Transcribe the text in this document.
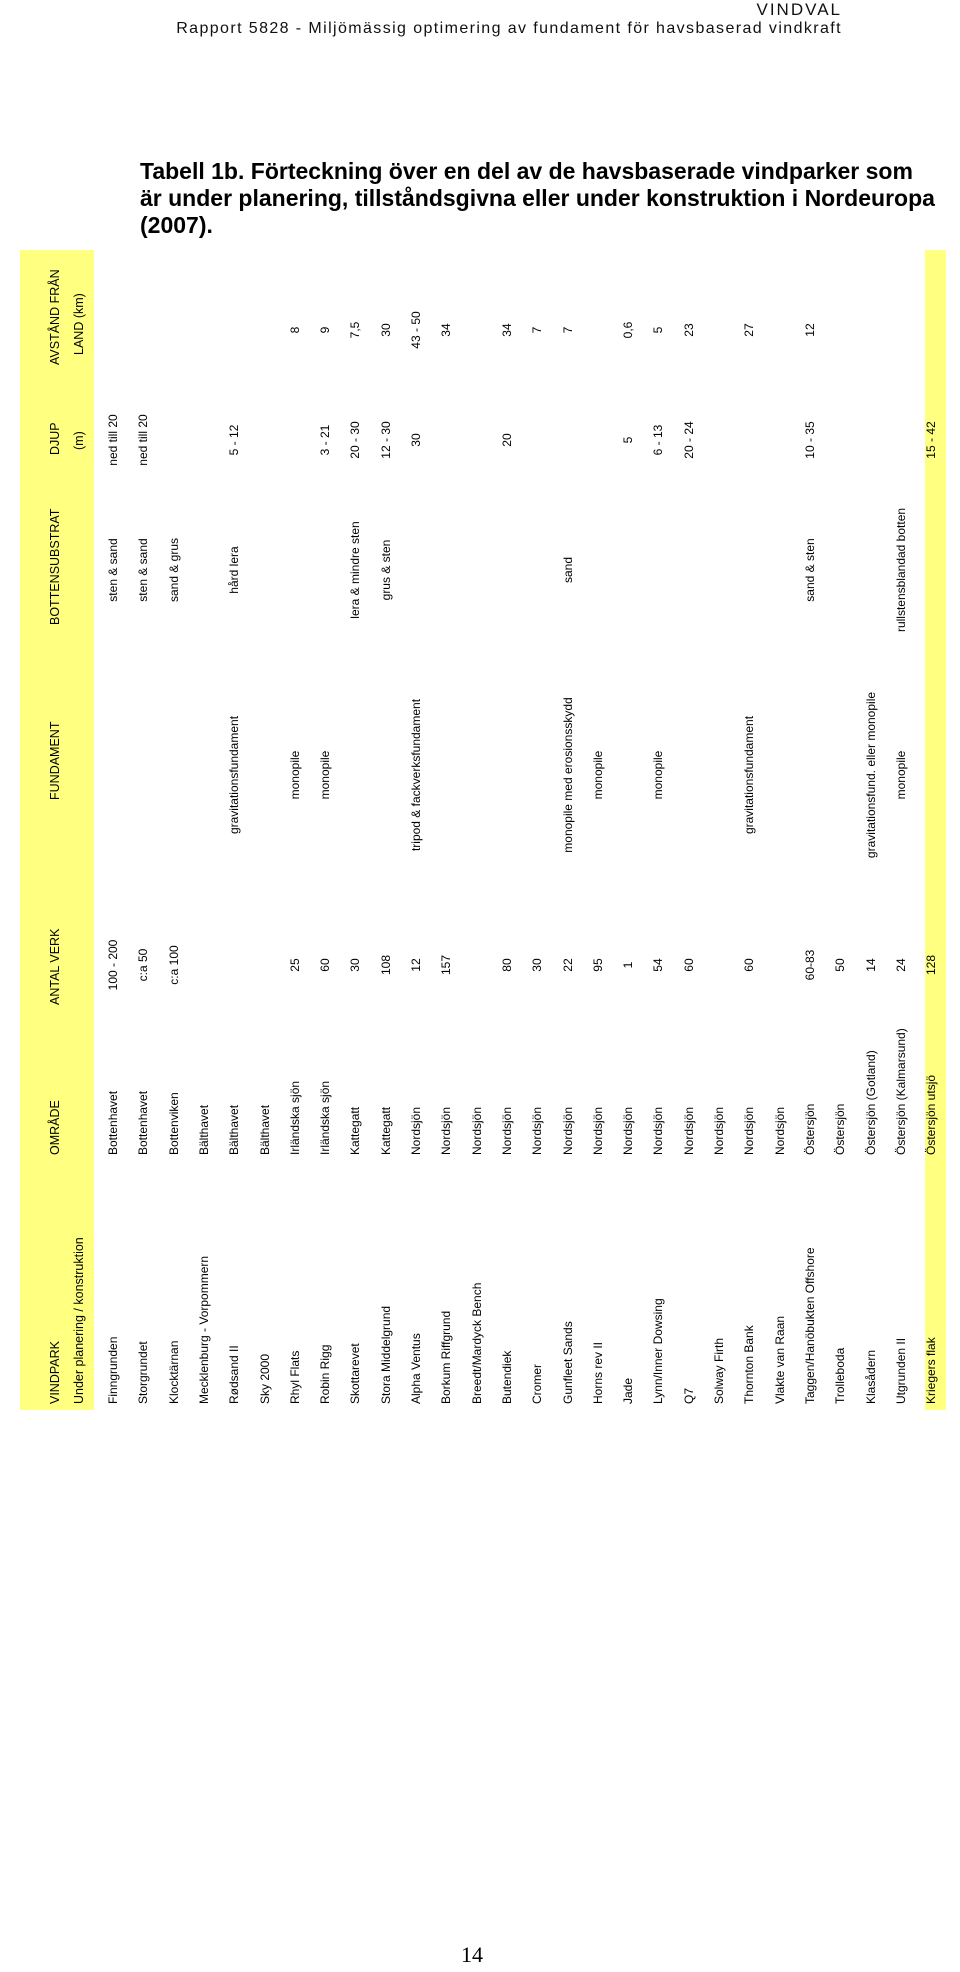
VINDVAL
Rapport 5828 - Miljömässig optimering av fundament för havsbaserad vindkraft
Tabell 1b. Förteckning över en del av de havsbaserade vindparker som är under planering, tillståndsgivna eller under konstruktion i Nordeuropa (2007).
VINDPARK Under planering / konstruktion
OMRÅDE
ANTAL VERK
FUNDAMENT
BOTTENSUBSTRAT
DJUP (m)
AVSTÅND FRÅN LAND (km)
Finngrunden
Bottenhavet
100 - 200
sten & sand
ned till 20
Storgrundet
Bottenhavet
c:a 50
sten & sand
ned till 20
Klocktärnan
Bottenviken
c:a 100
sand & grus
Mecklenburg - Vorpommern
Bälthavet
Rødsand II
Bälthavet
gravitationsfundament
hård lera
5 - 12
Sky 2000
Bälthavet
Rhyl Flats
Irländska sjön
25
monopile
8
Robin Rigg
Irländska sjön
60
monopile
3 - 21
9
Skottarevet
Kattegatt
30
lera & mindre sten
20 - 30
7,5
Stora Middelgrund
Kattegatt
108
grus & sten
12 - 30
30
Alpha Ventus
Nordsjön
12
tripod & fackverksfundament
30
43 - 50
Borkum Riffgrund
Nordsjön
157
34
Breedt/Mardyck Bench
Nordsjön
Butendiek
Nordsjön
80
20
34
Cromer
Nordsjön
30
7
Gunfleet Sands
Nordsjön
22
monopile med erosionsskydd
sand
7
Horns rev II
Nordsjön
95
monopile
Jade
Nordsjön
1
5
0,6
Lynn/Inner Dowsing
Nordsjön
54
monopile
6 - 13
5
Q7
Nordsjön
60
20 - 24
23
Solway Firth
Nordsjön
Thornton Bank
Nordsjön
60
gravitationsfundament
27
Vlakte van Raan
Nordsjön
Taggen/Hanöbukten Offshore
Östersjön
60-83
sand & sten
10 - 35
12
Trolleboda
Östersjön
50
Klasådern
Östersjön (Gotland)
14
gravitationsfund. eller monopile
Utgrunden II
Östersjön (Kalmarsund)
24
monopile
rullstensblandad botten
Kriegers flak
Östersjön utsjö
128
15 - 42
14
